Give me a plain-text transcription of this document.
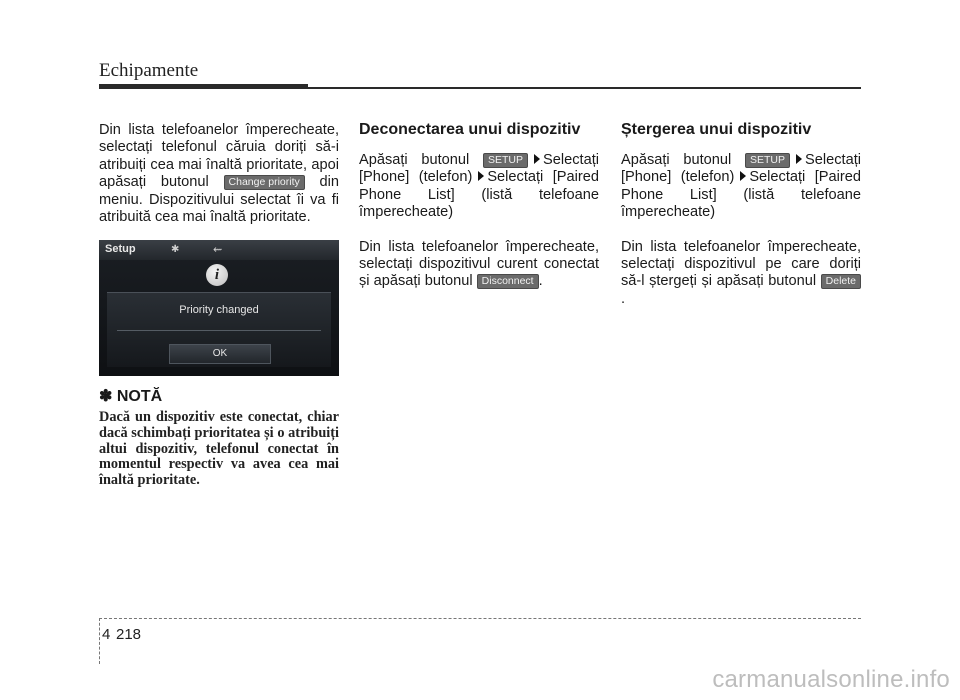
Echipamente

Din lista telefoanelor împerecheate, selectați telefonul căruia doriți să-i atribuiți cea mai înaltă prioritate, apoi apăsați butonul Change priority din meniu. Dispozitivului selectat îi va fi atribuită cea mai înaltă prioritate.

Setup	✱	⇜
i
Priority changed
OK
✽ NOTĂ

Dacă un dispozitiv este conectat, chiar dacă schimbați prioritatea și o atribuiți altui dispozitiv, telefonul conectat în momentul respectiv va avea cea mai înaltă prioritate.

Deconectarea unui dispozitiv

Apăsați butonul SETUP Selectați [Phone] (telefon) Selectați [Paired Phone List] (listă telefoane împerecheate)

Din lista telefoanelor împerecheate, selectați dispozitivul curent conectat și apăsați butonul Disconnect .

Ștergerea unui dispozitiv

Apăsați butonul SETUP Selectați [Phone] (telefon) Selectați [Paired Phone List] (listă telefoane împerecheate)

Din lista telefoanelor împerecheate, selectați dispozitivul pe care doriți să-l ștergeți și apăsați butonul Delete.

4 218
carmanualsonline.info
